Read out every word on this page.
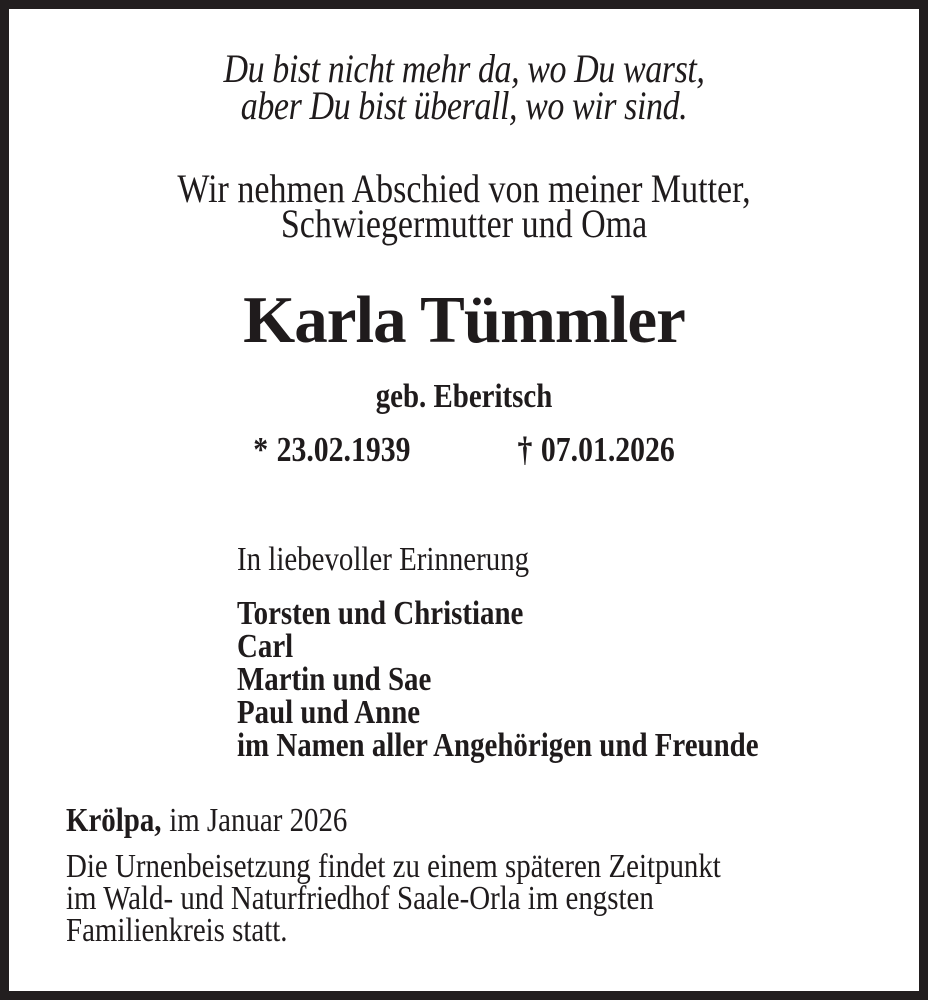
Du bist nicht mehr da, wo Du warst,
aber Du bist überall, wo wir sind.
Wir nehmen Abschied von meiner Mutter,
Schwiegermutter und Oma
Karla Tümmler
geb. Eberitsch
* 23.02.1939	† 07.01.2026
In liebevoller Erinnerung
Torsten und Christiane
Carl
Martin und Sae
Paul und Anne
im Namen aller Angehörigen und Freunde
Krölpa, im Januar 2026
Die Urnenbeisetzung findet zu einem späteren Zeitpunkt
im Wald- und Naturfriedhof Saale-Orla im engsten
Familienkreis statt.
